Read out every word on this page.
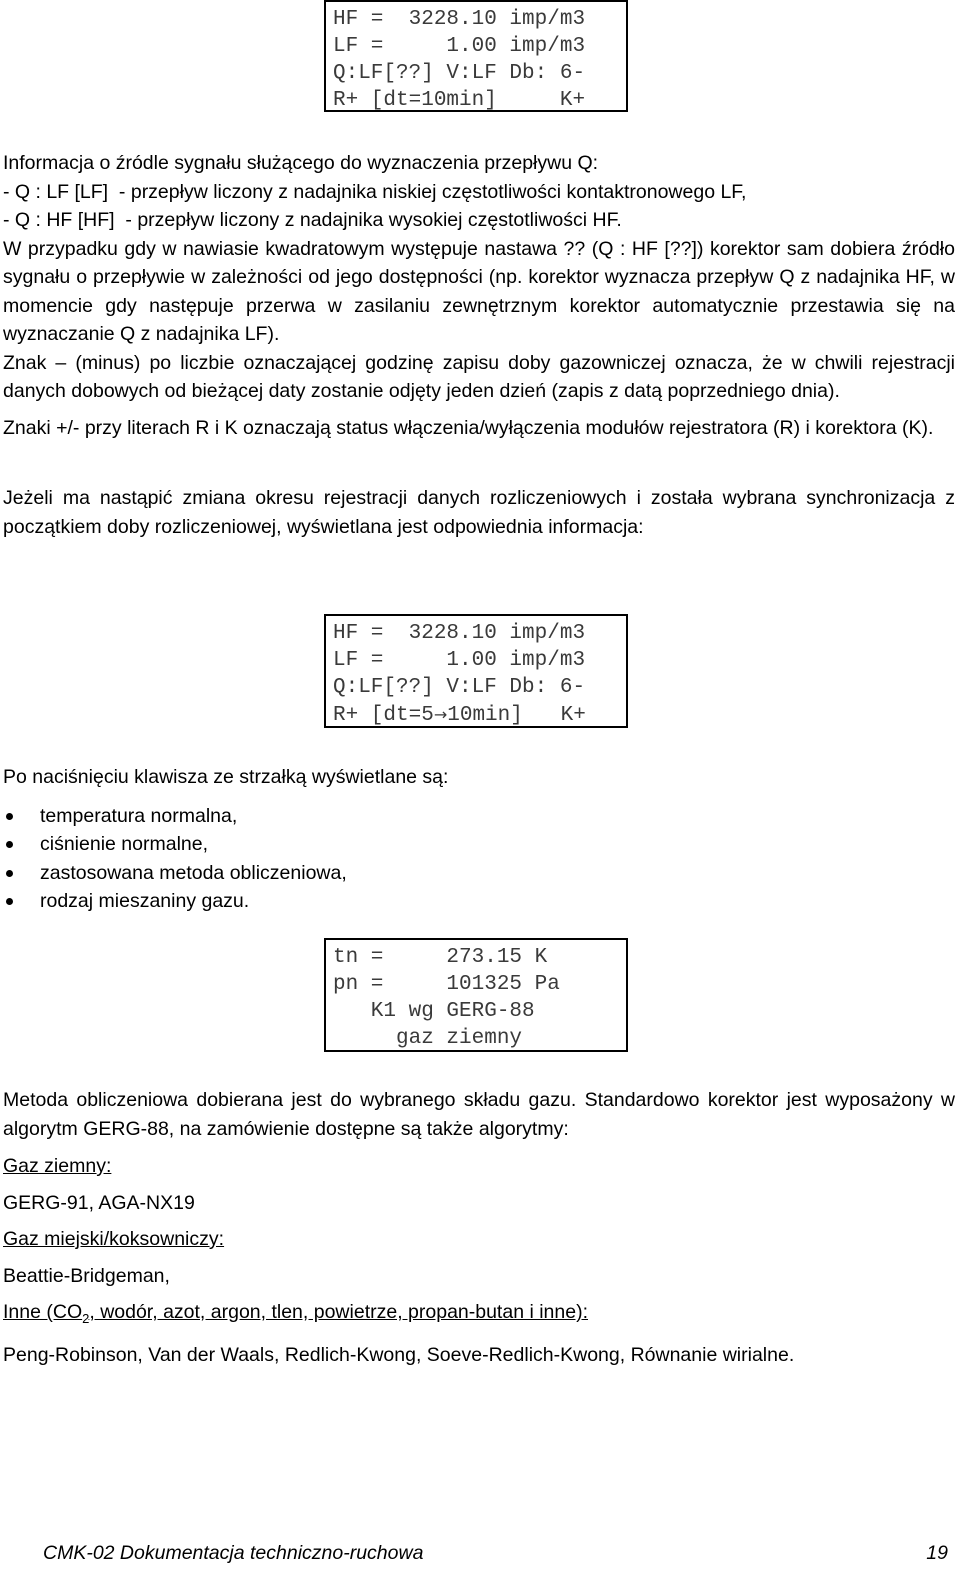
HF =  3228.10 imp/m3
LF =     1.00 imp/m3
Q:LF[??] V:LF Db: 6-
R+ [dt=10min]     K+

Informacja o źródle sygnału służącego do wyznaczenia przepływu Q:

- Q : LF [LF]  - przepływ liczony z nadajnika niskiej częstotliwości kontaktronowego LF,

- Q : HF [HF]  - przepływ liczony z nadajnika wysokiej częstotliwości HF.

W przypadku gdy w nawiasie kwadratowym występuje nastawa ?? (Q : HF [??]) korektor sam dobiera źródło sygnału o przepływie w zależności od jego dostępności (np. korektor wyznacza przepływ Q z nadajnika HF, w momencie gdy następuje przerwa w zasilaniu zewnętrznym korektor automatycznie przestawia się na wyznaczanie Q z nadajnika LF).

Znak – (minus) po liczbie oznaczającej godzinę zapisu doby gazowniczej oznacza, że w chwili rejestracji danych dobowych od bieżącej daty zostanie odjęty jeden dzień (zapis z datą poprzedniego dnia).

Znaki +/- przy literach R i K oznaczają status włączenia/wyłączenia modułów rejestratora (R) i korektora (K).

Jeżeli ma nastąpić zmiana okresu rejestracji danych rozliczeniowych i została wybrana synchronizacja z początkiem doby rozliczeniowej, wyświetlana jest odpowiednia informacja:

HF =  3228.10 imp/m3
LF =     1.00 imp/m3
Q:LF[??] V:LF Db: 6-
R+ [dt=5→10min]   K+

Po naciśnięciu klawisza ze strzałką wyświetlane są:

temperatura normalna,
ciśnienie normalne,
zastosowana metoda obliczeniowa,
rodzaj mieszaniny gazu.
tn =     273.15 K
pn =     101325 Pa
K1 wg GERG-88
gaz ziemny

Metoda obliczeniowa dobierana jest do wybranego składu gazu. Standardowo korektor jest wyposażony w algorytm GERG-88, na zamówienie dostępne są także algorytmy:

Gaz ziemny:

GERG-91, AGA-NX19

Gaz miejski/koksowniczy:

Beattie-Bridgeman,

Inne ($CO_2$, wodór, azot, argon, tlen, powietrze, propan-butan i inne):

Peng-Robinson, Van der Waals, Redlich-Kwong, Soeve-Redlich-Kwong, Równanie wirialne.

CMK-02 Dokumentacja techniczno-ruchowa	19
